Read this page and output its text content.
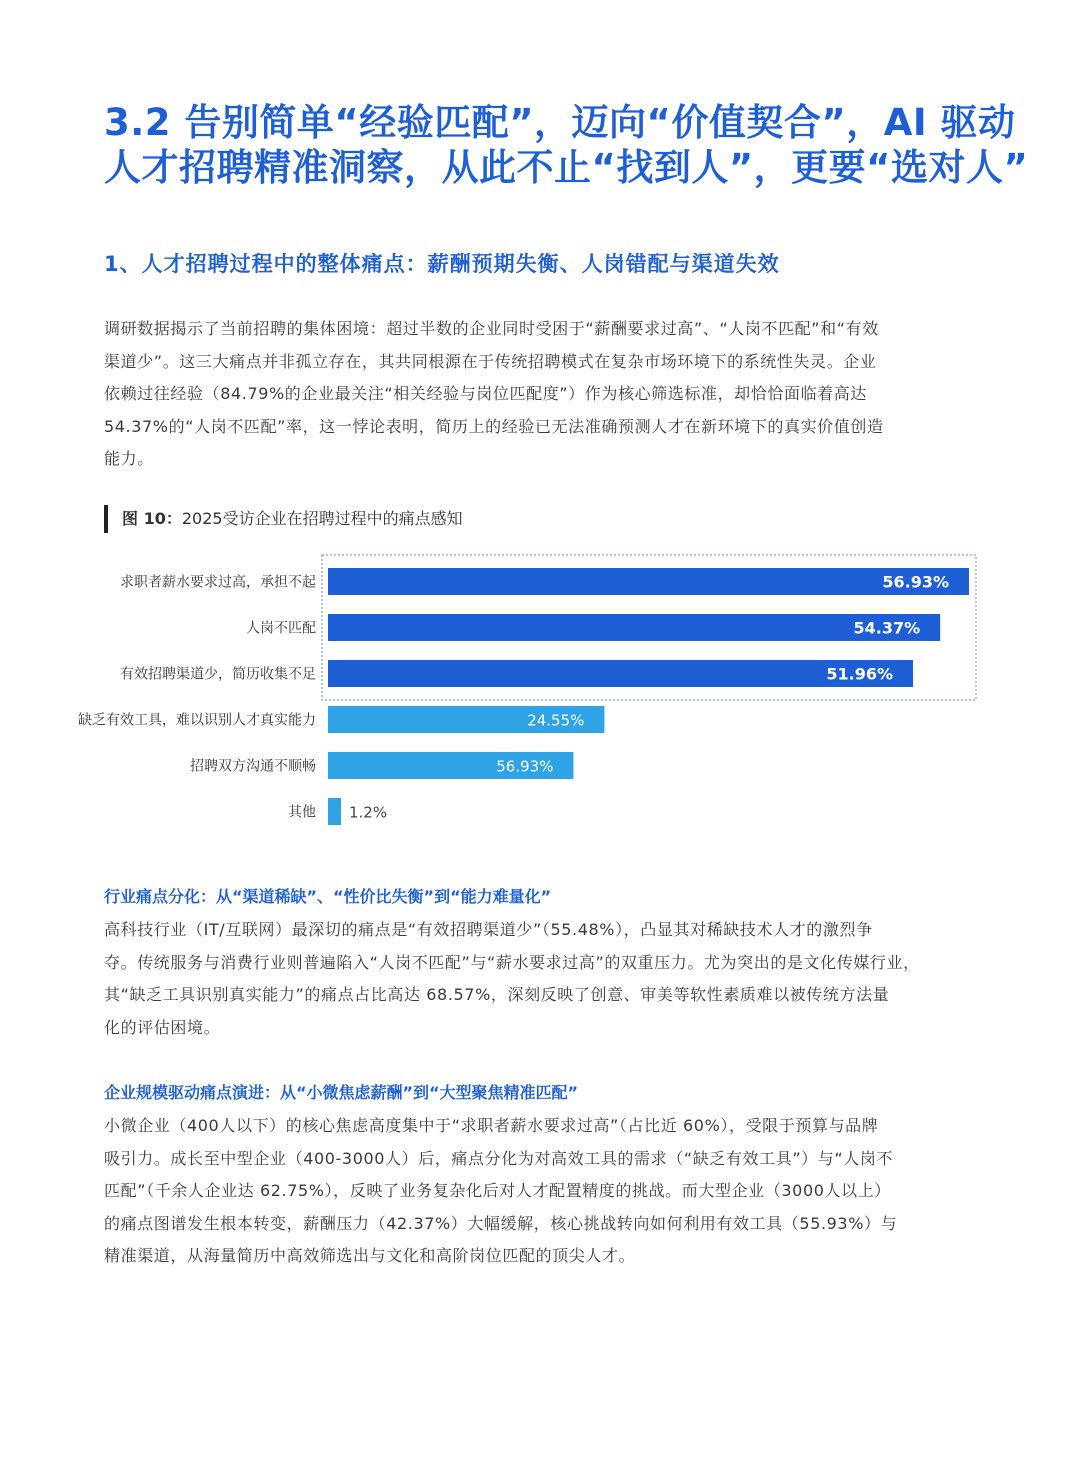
3.2 告别简单“经验匹配”，迈向“价值契合”，AI 驱动
人才招聘精准洞察，从此不止“找到人”，更要“选对人”
1、人才招聘过程中的整体痛点：薪酬预期失衡、人岗错配与渠道失效
调研数据揭示了当前招聘的集体困境：超过半数的企业同时受困于“薪酬要求过高”、“人岗不匹配”和“有效
渠道少”。这三大痛点并非孤立存在，其共同根源在于传统招聘模式在复杂市场环境下的系统性失灵。企业
依赖过往经验（84.79%的企业最关注“相关经验与岗位匹配度”）作为核心筛选标准，却恰恰面临着高达
54.37%的“人岗不匹配”率，这一悖论表明，简历上的经验已无法准确预测人才在新环境下的真实价值创造
能力。
图 10：2025受访企业在招聘过程中的痛点感知
求职者薪水要求过高，承担不起	56.93%
人岗不匹配	54.37%
有效招聘渠道少，简历收集不足	51.96%
缺乏有效工具，难以识别人才真实能力	24.55%
招聘双方沟通不顺畅	56.93%
其他 1.2%
行业痛点分化：从“渠道稀缺”、“性价比失衡”到“能力难量化”
高科技行业（IT/互联网）最深切的痛点是“有效招聘渠道少”（55.48%），凸显其对稀缺技术人才的激烈争
夺。传统服务与消费行业则普遍陷入“人岗不匹配”与“薪水要求过高”的双重压力。尤为突出的是文化传媒行业，
其“缺乏工具识别真实能力”的痛点占比高达 68.57%，深刻反映了创意、审美等软性素质难以被传统方法量
化的评估困境。
企业规模驱动痛点演进：从“小微焦虑薪酬”到“大型聚焦精准匹配”
小微企业（400人以下）的核心焦虑高度集中于“求职者薪水要求过高”（占比近 60%），受限于预算与品牌
吸引力。成长至中型企业（400-3000人）后，痛点分化为对高效工具的需求（“缺乏有效工具”）与“人岗不
匹配”（千余人企业达 62.75%），反映了业务复杂化后对人才配置精度的挑战。而大型企业（3000人以上）
的痛点图谱发生根本转变，薪酬压力（42.37%）大幅缓解，核心挑战转向如何利用有效工具（55.93%）与
精准渠道，从海量简历中高效筛选出与文化和高阶岗位匹配的顶尖人才。
